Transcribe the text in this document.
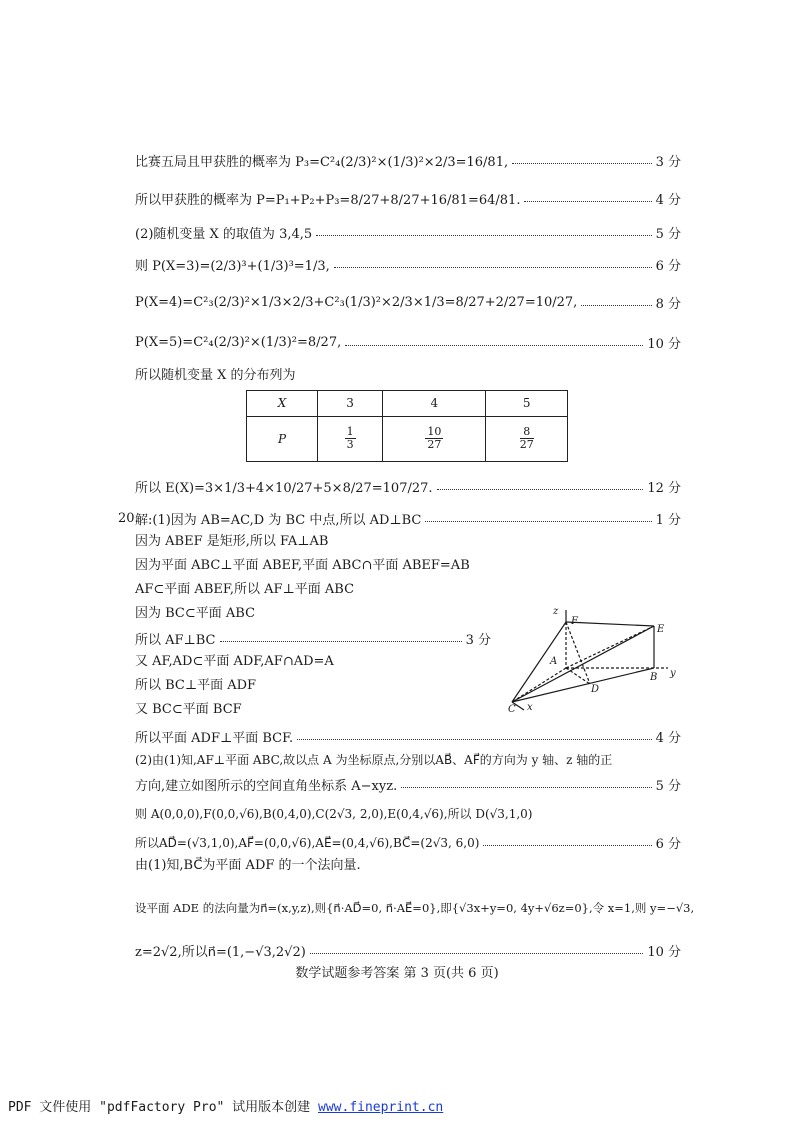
比赛五局且甲获胜的概率为 P₃=C²₄(2/3)²×(1/3)²×2/3=16/81,	3 分
所以甲获胜的概率为 P=P₁+P₂+P₃=8/27+8/27+16/81=64/81.	4 分
(2)随机变量 X 的取值为 3,4,5	5 分
则 P(X=3)=(2/3)³+(1/3)³=1/3,	6 分
P(X=4)=C²₃(2/3)²×1/3×2/3+C²₃(1/3)²×2/3×1/3=8/27+2/27=10/27,	8 分
P(X=5)=C²₄(2/3)²×(1/3)²=8/27,	10 分
所以随机变量 X 的分布列为
X	3	4	5
P	$\frac{1}{3}$	$\frac{10}{27}$	$\frac{8}{27}$
所以 E(X)=3×1/3+4×10/27+5×8/27=107/27.	12 分
20.
解:(1)因为 AB=AC,D 为 BC 中点,所以 AD⊥BC	1 分
因为 ABEF 是矩形,所以 FA⊥AB
因为平面 ABC⊥平面 ABEF,平面 ABC∩平面 ABEF=AB
AF⊂平面 ABEF,所以 AF⊥平面 ABC
因为 BC⊂平面 ABC
所以 AF⊥BC	3 分
又 AF,AD⊂平面 ADF,AF∩AD=A
所以 BC⊥平面 ADF
又 BC⊂平面 BCF
所以平面 ADF⊥平面 BCF.	4 分
(2)由(1)知,AF⊥平面 ABC,故以点 A 为坐标原点,分别以AB⃗、AF⃗的方向为 y 轴、z 轴的正
方向,建立如图所示的空间直角坐标系 A−xyz.	5 分
则 A(0,0,0),F(0,0,√6),B(0,4,0),C(2√3, 2,0),E(0,4,√6),所以 D(√3,1,0)
所以AD⃗=(√3,1,0),AF⃗=(0,0,√6),AE⃗=(0,4,√6),BC⃗=(2√3, 6,0)	6 分
由(1)知,BC⃗为平面 ADF 的一个法向量.
设平面 ADE 的法向量为n⃗=(x,y,z),则{n⃗·AD⃗=0, n⃗·AE⃗=0},即{√3x+y=0, 4y+√6z=0},令 x=1,则 y=−√3,
z=2√2,所以n⃗=(1,−√3,2√2)	10 分
z
F
E
A
D
B y
C x
数学试题参考答案 第 3 页(共 6 页)
PDF 文件使用 "pdfFactory Pro" 试用版本创建 www.fineprint.cn
